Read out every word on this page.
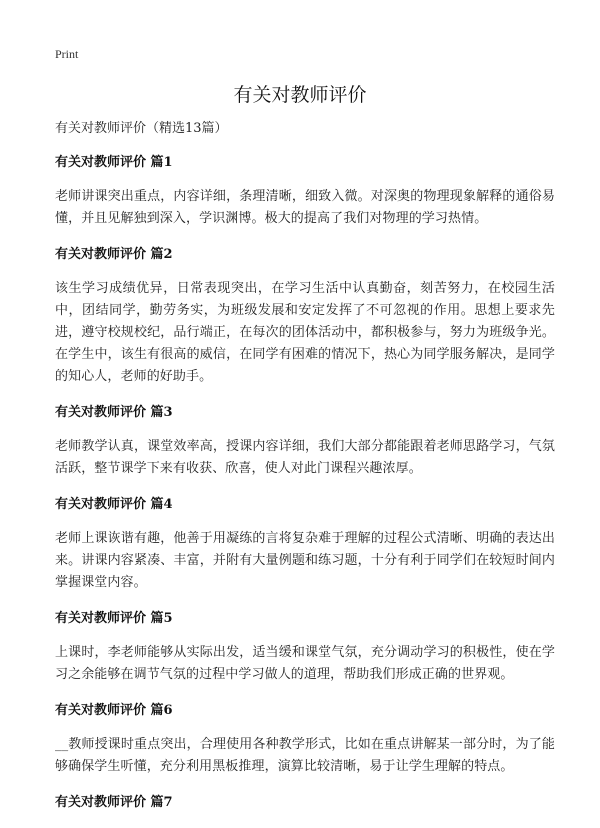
Print
有关对教师评价

有关对教师评价（精选13篇）

有关对教师评价 篇1

老师讲课突出重点，内容详细，条理清晰，细致入微。对深奥的物理现象解释的通俗易懂，并且见解独到深入，学识渊博。极大的提高了我们对物理的学习热情。

有关对教师评价 篇2

该生学习成绩优异，日常表现突出，在学习生活中认真勤奋，刻苦努力，在校园生活中，团结同学，勤劳务实，为班级发展和安定发挥了不可忽视的作用。思想上要求先进，遵守校规校纪，品行端正，在每次的团体活动中，都积极参与，努力为班级争光。在学生中，该生有很高的威信，在同学有困难的情况下，热心为同学服务解决，是同学的知心人，老师的好助手。

有关对教师评价 篇3

老师教学认真，课堂效率高，授课内容详细，我们大部分都能跟着老师思路学习，气氛活跃，整节课学下来有收获、欣喜，使人对此门课程兴趣浓厚。

有关对教师评价 篇4

老师上课诙谐有趣，他善于用凝练的言将复杂难于理解的过程公式清晰、明确的表达出来。讲课内容紧凑、丰富，并附有大量例题和练习题，十分有利于同学们在较短时间内掌握课堂内容。

有关对教师评价 篇5

上课时，李老师能够从实际出发，适当缓和课堂气氛，充分调动学习的积极性，使在学习之余能够在调节气氛的过程中学习做人的道理，帮助我们形成正确的世界观。

有关对教师评价 篇6

__教师授课时重点突出，合理使用各种教学形式，比如在重点讲解某一部分时，为了能够确保学生听懂，充分利用黑板推理，演算比较清晰，易于让学生理解的特点。

有关对教师评价 篇7
